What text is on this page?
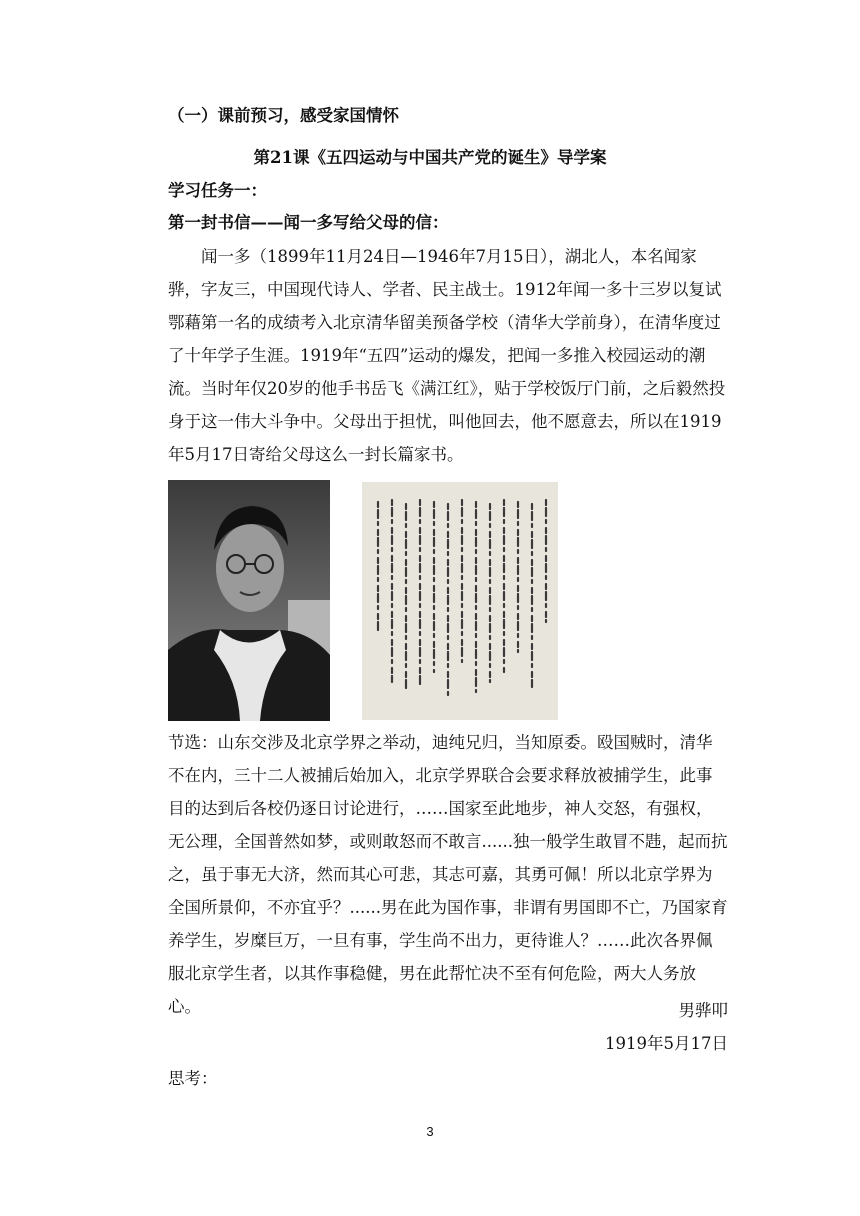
（一）课前预习，感受家国情怀
第21课《五四运动与中国共产党的诞生》导学案
学习任务一：
第一封书信——闻一多写给父母的信：
闻一多（1899年11月24日—1946年7月15日），湖北人，本名闻家骅，字友三，中国现代诗人、学者、民主战士。1912年闻一多十三岁以复试鄂藉第一名的成绩考入北京清华留美预备学校（清华大学前身），在清华度过了十年学子生涯。1919年“五四”运动的爆发，把闻一多推入校园运动的潮流。当时年仅20岁的他手书岳飞《满江红》，贴于学校饭厅门前，之后毅然投身于这一伟大斗争中。父母出于担忧，叫他回去，他不愿意去，所以在1919年5月17日寄给父母这么一封长篇家书。
节选：山东交涉及北京学界之举动，迪纯兄归，当知原委。殴国贼时，清华不在内，三十二人被捕后始加入，北京学界联合会要求释放被捕学生，此事目的达到后各校仍逐日讨论进行，……国家至此地步，神人交怒，有强权，无公理，全国普然如梦，或则敢怒而不敢言......独一般学生敢冒不韪，起而抗之，虽于事无大济，然而其心可悲，其志可嘉，其勇可佩！所以北京学界为全国所景仰，不亦宜乎？......男在此为国作事，非谓有男国即不亡，乃国家育养学生，岁糜巨万，一旦有事，学生尚不出力，更待谁人？……此次各界佩服北京学生者，以其作事稳健，男在此帮忙决不至有何危险，两大人务放心。	男骅叩
1919年5月17日
思考：
3
